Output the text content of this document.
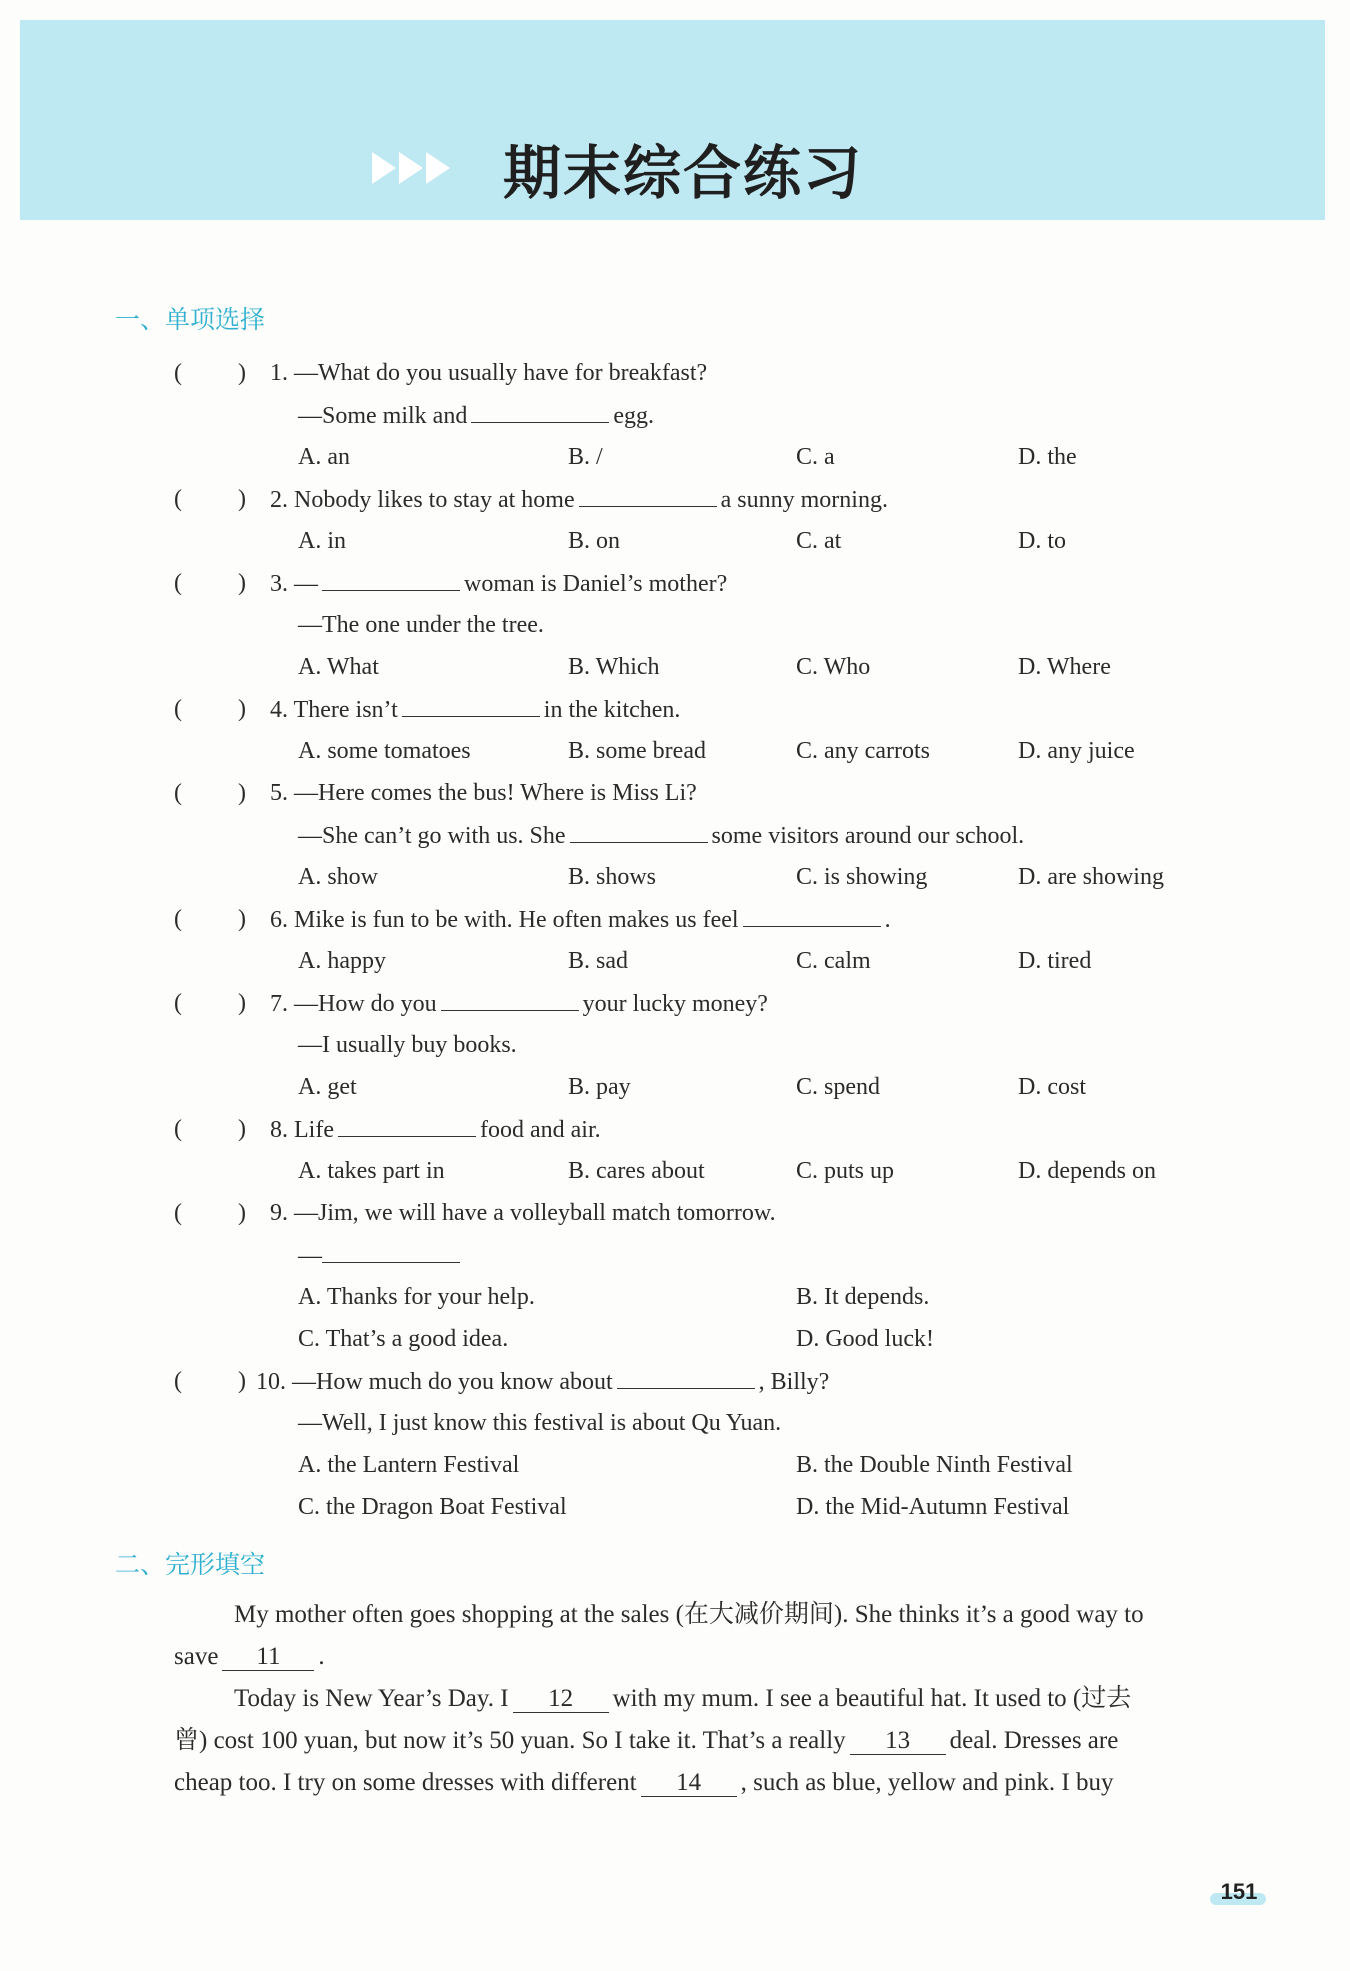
期末综合练习
一、单项选择
( ) 1. —What do you usually have for breakfast?
—Some milk and	egg.
A. an	B. /	C. a	D. the
( ) 2. Nobody likes to stay at home	a sunny morning.
A. in	B. on	C. at	D. to
( ) 3. —	woman is Daniel’s mother?
—The one under the tree.
A. What	B. Which	C. Who	D. Where
( ) 4. There isn’t	in the kitchen.
A. some tomatoes	B. some bread	C. any carrots	D. any juice
( ) 5. —Here comes the bus! Where is Miss Li?
—She can’t go with us. She	some visitors around our school.
A. show	B. shows	C. is showing	D. are showing
( ) 6. Mike is fun to be with. He often makes us feel	.
A. happy	B. sad	C. calm	D. tired
( ) 7. —How do you	your lucky money?
—I usually buy books.
A. get	B. pay	C. spend	D. cost
( ) 8. Life	food and air.
A. takes part in	B. cares about	C. puts up	D. depends on
( ) 9. —Jim, we will have a volleyball match tomorrow.
—
A. Thanks for your help.	B. It depends.
C. That’s a good idea.	D. Good luck!
( ) 10. —How much do you know about	, Billy?
—Well, I just know this festival is about Qu Yuan.
A. the Lantern Festival	B. the Double Ninth Festival
C. the Dragon Boat Festival	D. the Mid-Autumn Festival
二、完形填空
My mother often goes shopping at the sales (在大减价期间). She thinks it’s a good way to
save 11 .
Today is New Year’s Day. I 12 with my mum. I see a beautiful hat. It used to (过去
曾) cost 100 yuan, but now it’s 50 yuan. So I take it. That’s a really 13 deal. Dresses are
cheap too. I try on some dresses with different 14 , such as blue, yellow and pink. I buy
151
